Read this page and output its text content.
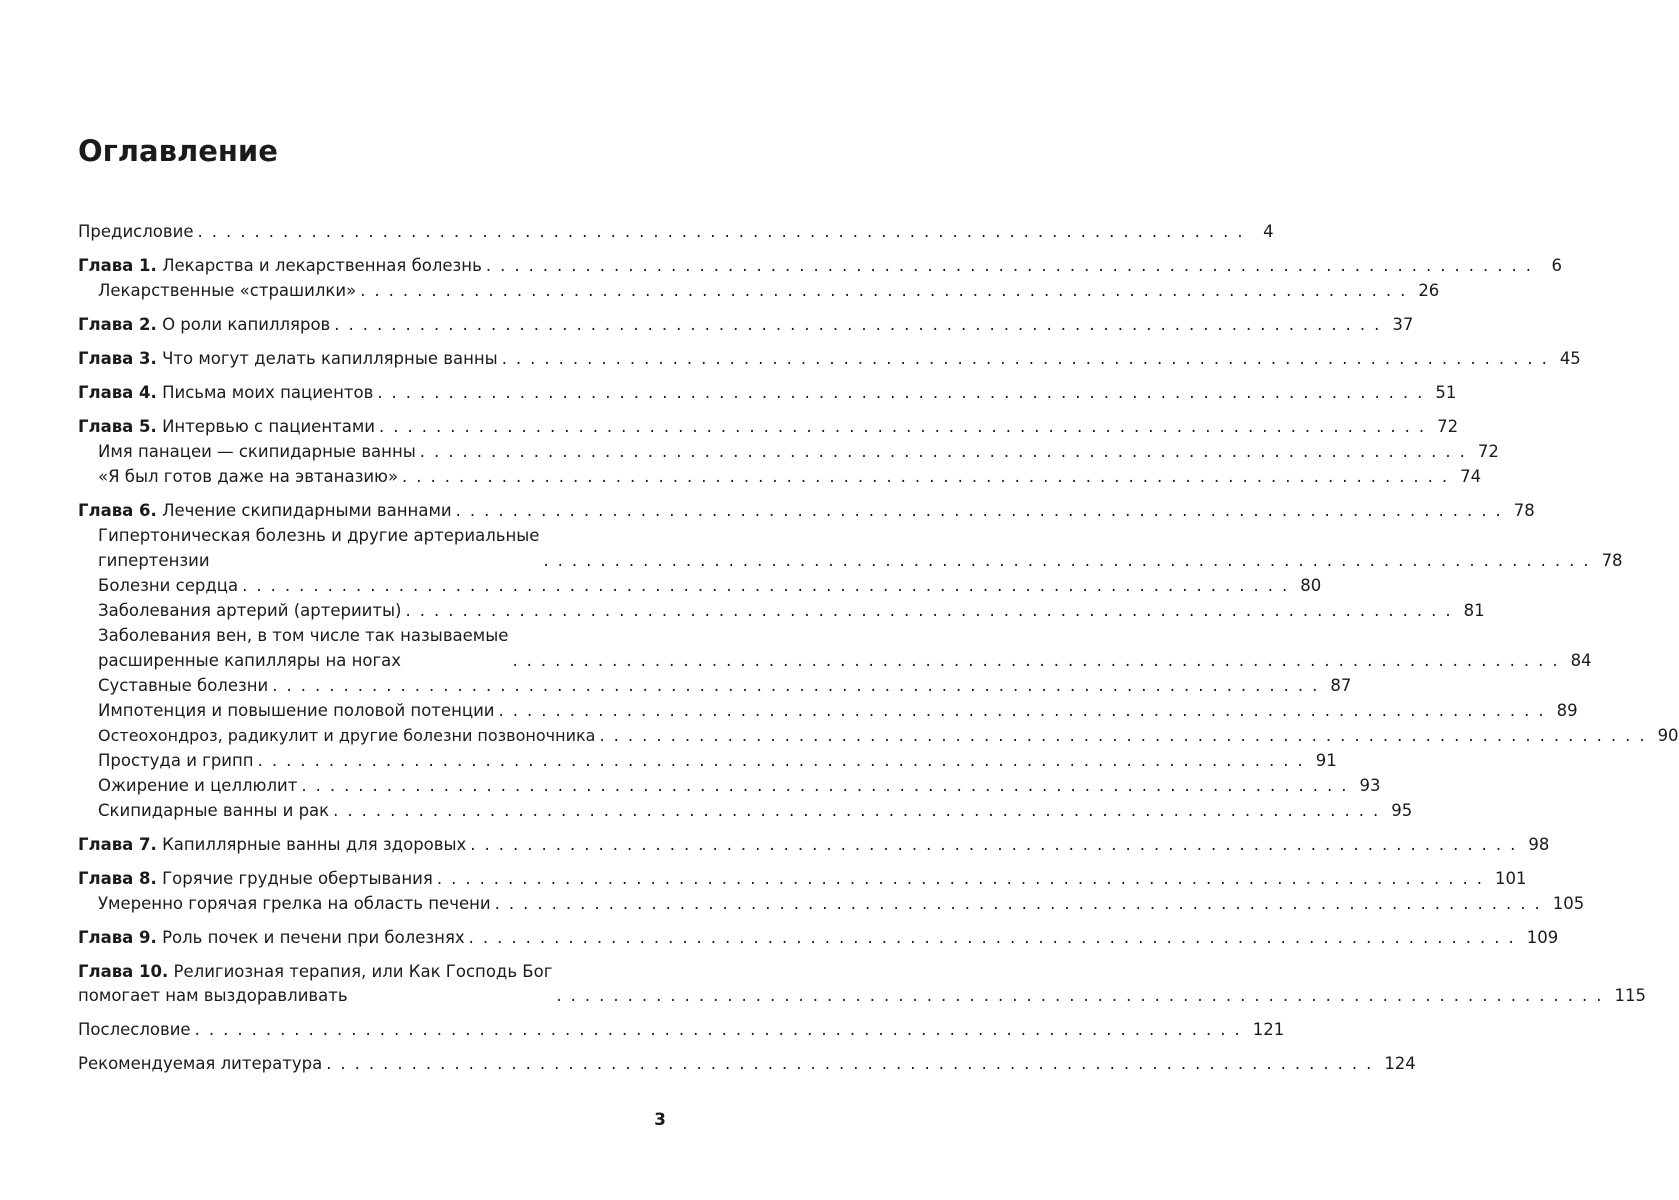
Оглавление
Предисловие .......................................................................... 4
Глава 1. Лекарства и лекарственная болезнь .......................................................................... 6
Лекарственные «страшилки» .......................................................................... 26
Глава 2. О роли капилляров .......................................................................... 37
Глава 3. Что могут делать капиллярные ванны .......................................................................... 45
Глава 4. Письма моих пациентов .......................................................................... 51
Глава 5. Интервью с пациентами .......................................................................... 72
Имя панацеи — скипидарные ванны .......................................................................... 72
«Я был готов даже на эвтаназию» .......................................................................... 74
Глава 6. Лечение скипидарными ваннами .......................................................................... 78
Гипертоническая болезнь и другие артериальные
гипертензии	.......................................................................... 78
Болезни сердца .......................................................................... 80
Заболевания артерий (артерииты) .......................................................................... 81
Заболевания вен, в том числе так называемые
расширенные капилляры на ногах	.......................................................................... 84
Суставные болезни .......................................................................... 87
Импотенция и повышение половой потенции .......................................................................... 89
Остеохондроз, радикулит и другие болезни позвоночника .......................................................................... 90
Простуда и грипп .......................................................................... 91
Ожирение и целлюлит .......................................................................... 93
Скипидарные ванны и рак .......................................................................... 95
Глава 7. Капиллярные ванны для здоровых .......................................................................... 98
Глава 8. Горячие грудные обертывания .......................................................................... 101
Умеренно горячая грелка на область печени .......................................................................... 105
Глава 9. Роль почек и печени при болезнях .......................................................................... 109
Глава 10. Религиозная терапия, или Как Господь Бог
помогает нам выздоравливать	.......................................................................... 115
Послесловие .......................................................................... 121
Рекомендуемая литература .......................................................................... 124
3
